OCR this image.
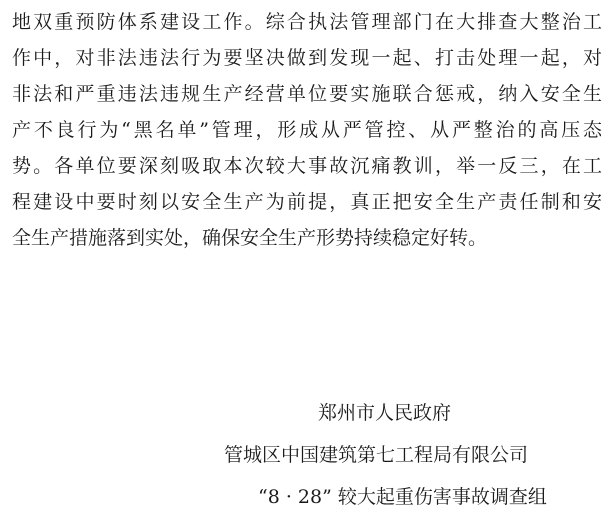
地双重预防体系建设工作。综合执法管理部门在大排查大整治工
作中，对非法违法行为要坚决做到发现一起、打击处理一起，对
非法和严重违法违规生产经营单位要实施联合惩戒，纳入安全生
产不良行为“黑名单”管理，形成从严管控、从严整治的高压态
势。各单位要深刻吸取本次较大事故沉痛教训，举一反三，在工
程建设中要时刻以安全生产为前提，真正把安全生产责任制和安
全生产措施落到实处，确保安全生产形势持续稳定好转。
郑州市人民政府
管城区中国建筑第七工程局有限公司
“8 · 28” 较大起重伤害事故调查组
